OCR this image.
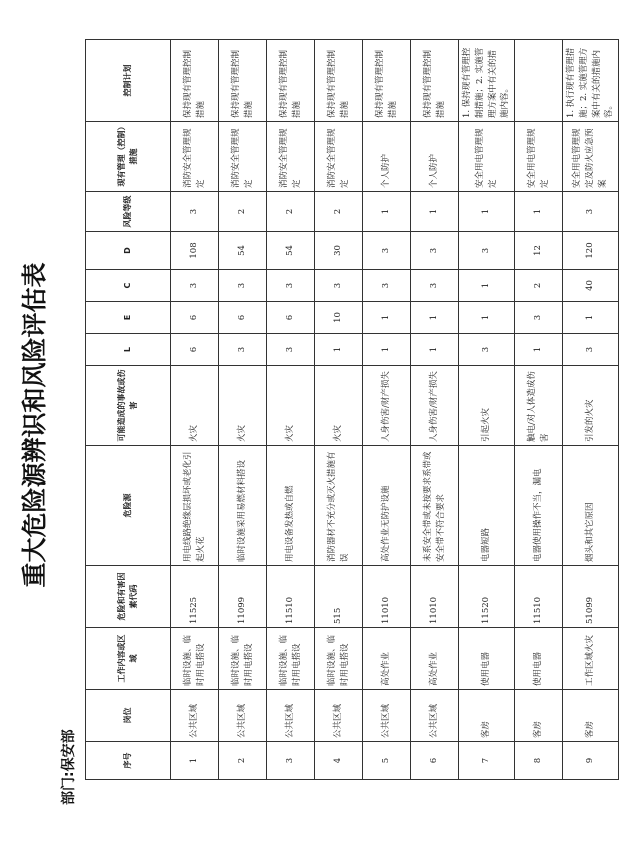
重大危险源辨识和风险评估表
部门:保安部	序号	岗位	工作内容或区域	危险和有害因素代码	危险源	可能造成的事故或伤害	L	E	C	D	风险等级	现有管理（控制）措施	控制计划
1	公共区域	临时设施、临时用电搭设	11525	用电线路绝缘层损坏或老化引起火花	火灾	6	6	3	108	3	消防安全管理规定	保持现有管理控制措施
2	公共区域	临时设施、临时用电搭设	11099	临时设施采用易燃材料搭设	火灾	3	6	3	54	2	消防安全管理规定	保持现有管理控制措施
3	公共区域	临时设施、临时用电搭设	11510	用电设备发热或自燃	火灾	3	6	3	54	2	消防安全管理规定	保持现有管理控制措施
4	公共区域	临时设施、临时用电搭设	515	消防器材不充分或灭火措施有误	火灾	1	10	3	30	2	消防安全管理规定	保持现有管理控制措施
5	公共区域	高处作业	11010	高处作业无防护设施	人身伤害/财产损失	1	1	3	3	1	个人防护	保持现有管理控制措施
6	公共区域	高处作业	11010	未系安全带或未按要求系带或安全带不符合要求	人身伤害/财产损失	1	1	3	3	1	个人防护	保持现有管理控制措施
7	客房	使用电器	11520	电器短路	引起火灾	3	1	1	3	1	安全用电管理规定	1. 保持现有管理控制措施；2. 实施管理方案中有关的措施内容。
8	客房	使用电器	11510	电器使用操作不当，漏电	触电/对人体造成伤害	1	3	2	12	1	安全用电管理规定	
9	客房	工作区域火灾	51099	烟头和其它原因	引发的火灾	3	1	40	120	3	安全用电管理规定及防火应急预案	1. 执行现有管理措施；2. 实施管理方案中有关的措施内容。
